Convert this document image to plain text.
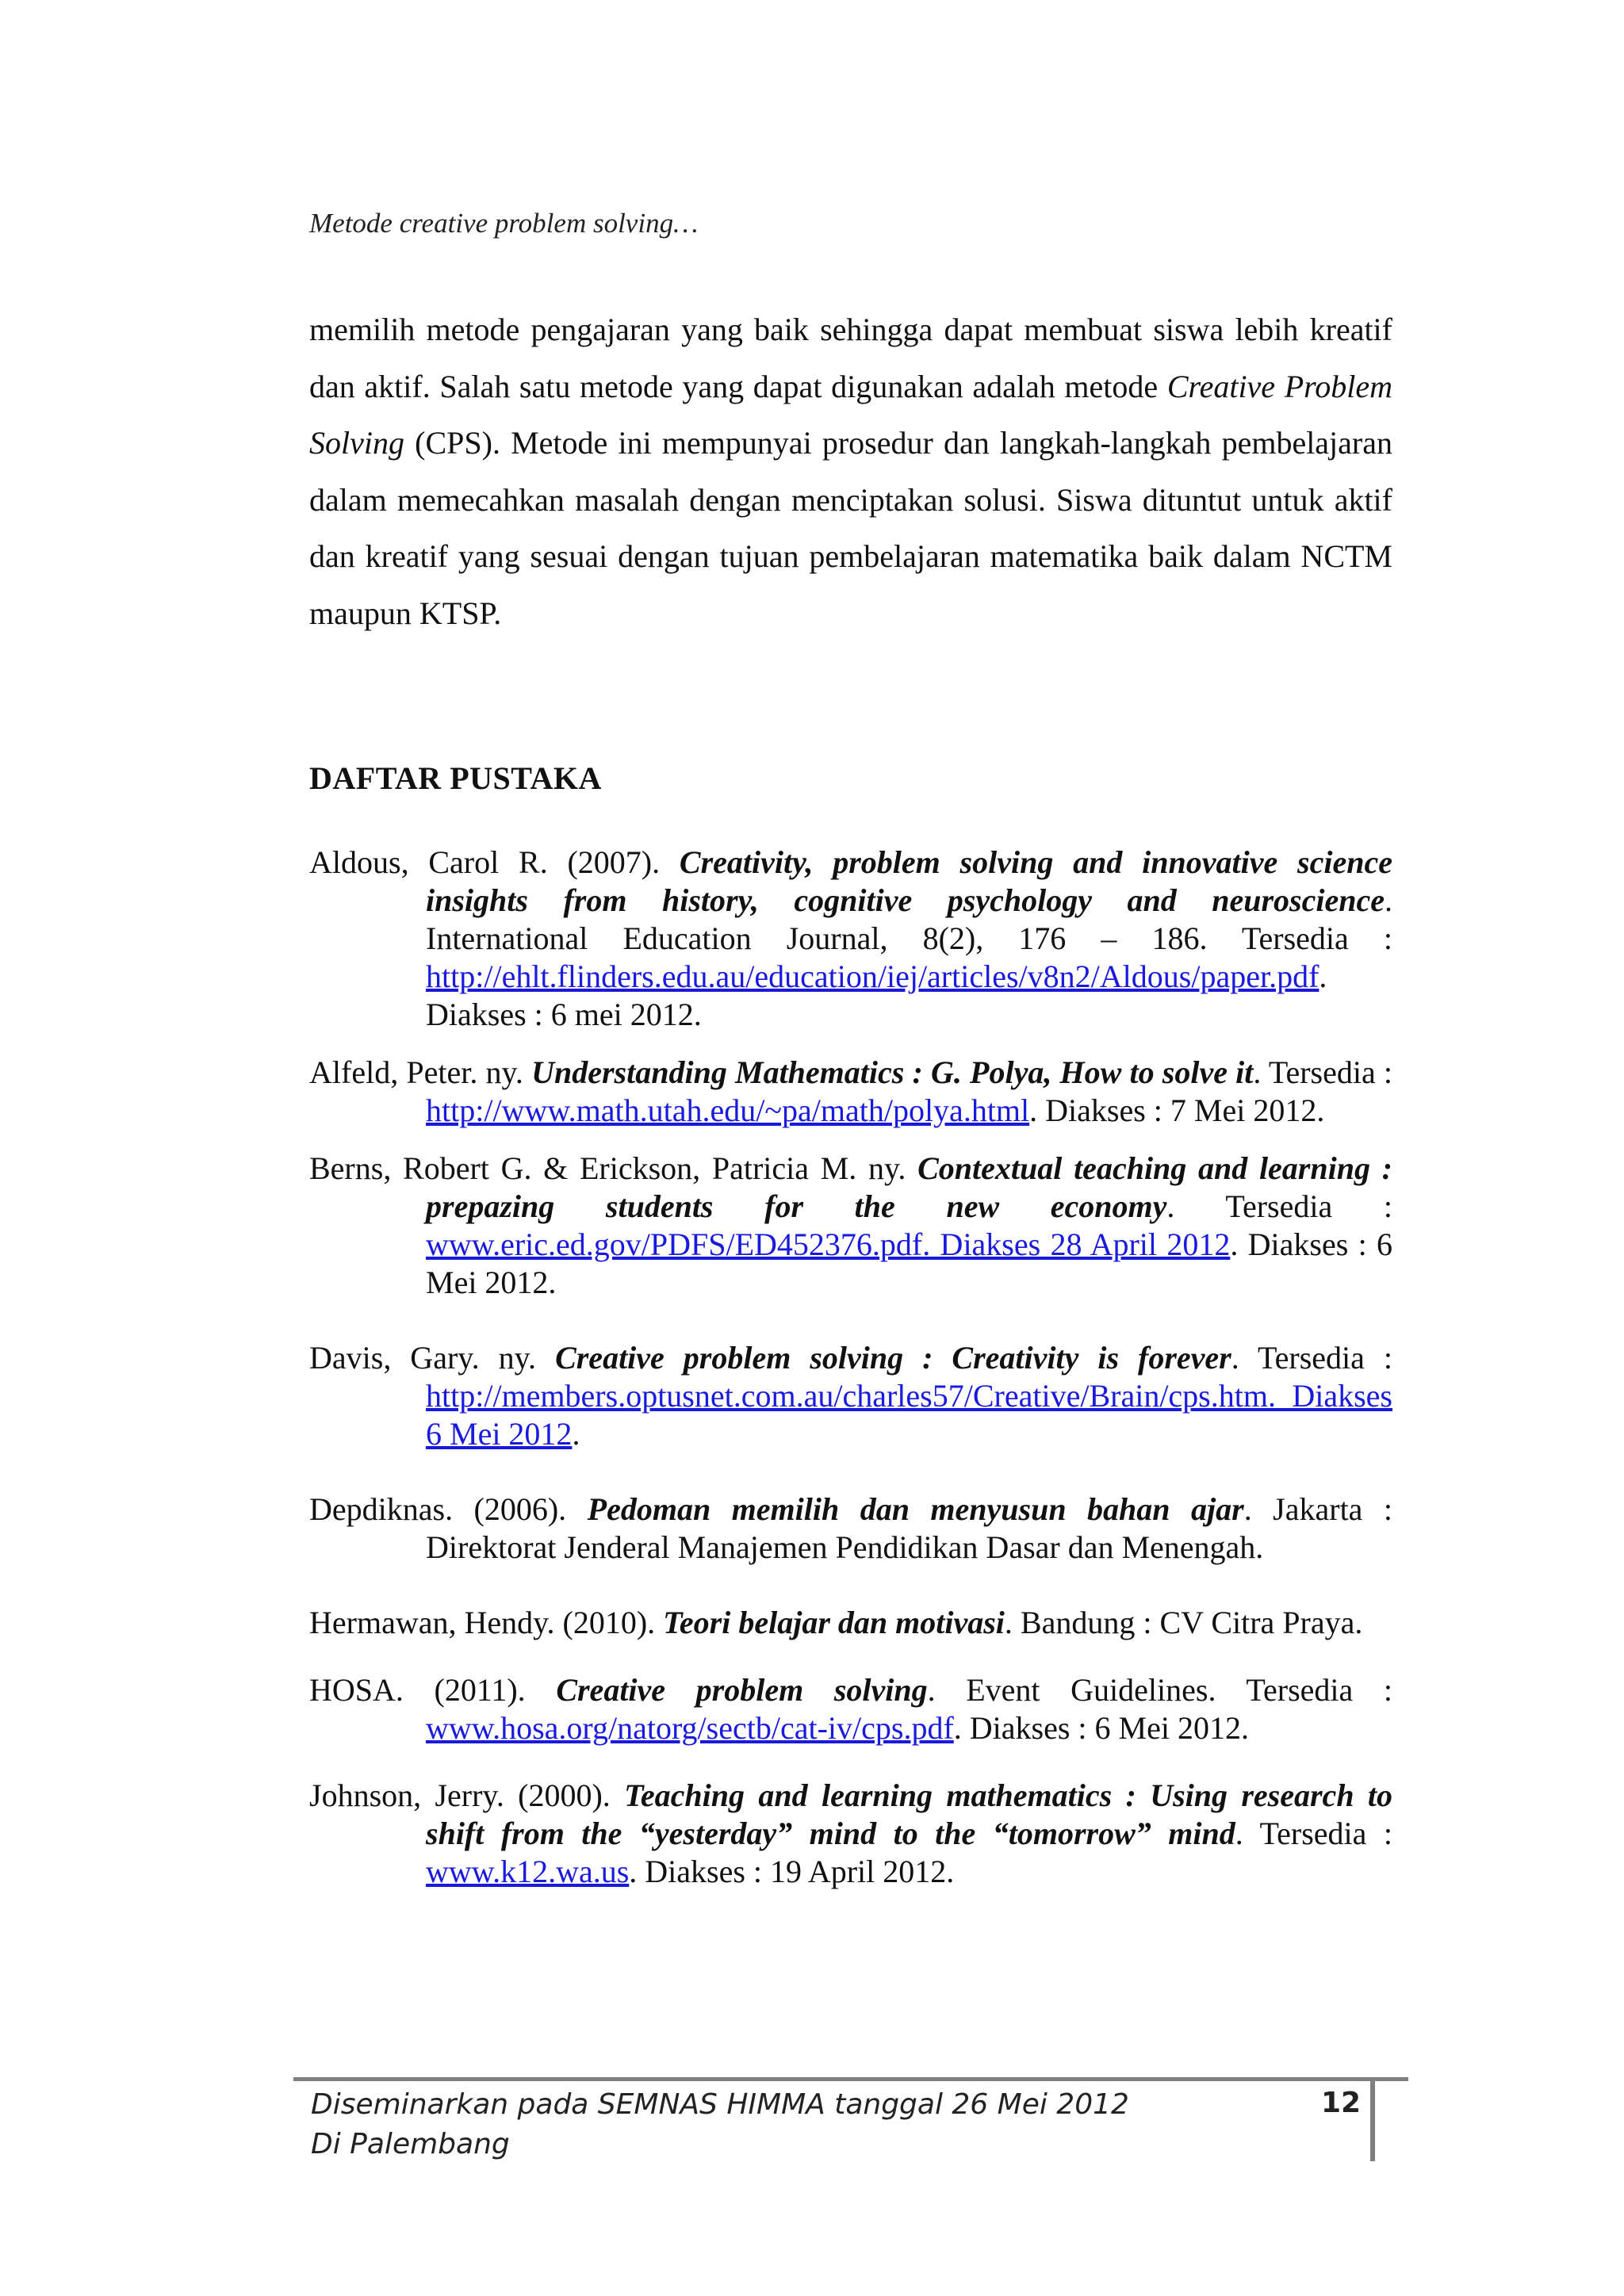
Metode creative problem solving…
memilih metode pengajaran yang baik sehingga dapat membuat siswa lebih kreatif dan aktif. Salah satu metode yang dapat digunakan adalah metode Creative Problem Solving (CPS). Metode ini mempunyai prosedur dan langkah-langkah pembelajaran dalam memecahkan masalah dengan menciptakan solusi. Siswa dituntut untuk aktif dan kreatif yang sesuai dengan tujuan pembelajaran matematika baik dalam NCTM maupun KTSP.
DAFTAR PUSTAKA
Aldous, Carol R. (2007). Creativity, problem solving and innovative science insights from history, cognitive psychology and neuroscience. International Education Journal, 8(2), 176 – 186. Tersedia : http://ehlt.flinders.edu.au/education/iej/articles/v8n2/Aldous/paper.pdf. Diakses : 6 mei 2012.
Alfeld, Peter. ny. Understanding Mathematics : G. Polya, How to solve it. Tersedia : http://www.math.utah.edu/~pa/math/polya.html. Diakses : 7 Mei 2012.
Berns, Robert G. & Erickson, Patricia M. ny. Contextual teaching and learning : prepazing students for the new economy. Tersedia : www.eric.ed.gov/PDFS/ED452376.pdf. Diakses 28 April 2012. Diakses : 6 Mei 2012.
Davis, Gary. ny. Creative problem solving : Creativity is forever. Tersedia : http://members.optusnet.com.au/charles57/Creative/Brain/cps.htm. Diakses 6 Mei 2012.
Depdiknas. (2006). Pedoman memilih dan menyusun bahan ajar. Jakarta : Direktorat Jenderal Manajemen Pendidikan Dasar dan Menengah.
Hermawan, Hendy. (2010). Teori belajar dan motivasi. Bandung : CV Citra Praya.
HOSA. (2011). Creative problem solving. Event Guidelines. Tersedia : www.hosa.org/natorg/sectb/cat-iv/cps.pdf. Diakses : 6 Mei 2012.
Johnson, Jerry. (2000). Teaching and learning mathematics : Using research to shift from the “yesterday” mind to the “tomorrow” mind. Tersedia : www.k12.wa.us. Diakses : 19 April 2012.
Diseminarkan pada SEMNAS HIMMA tanggal 26 Mei 2012
Di Palembang
12
